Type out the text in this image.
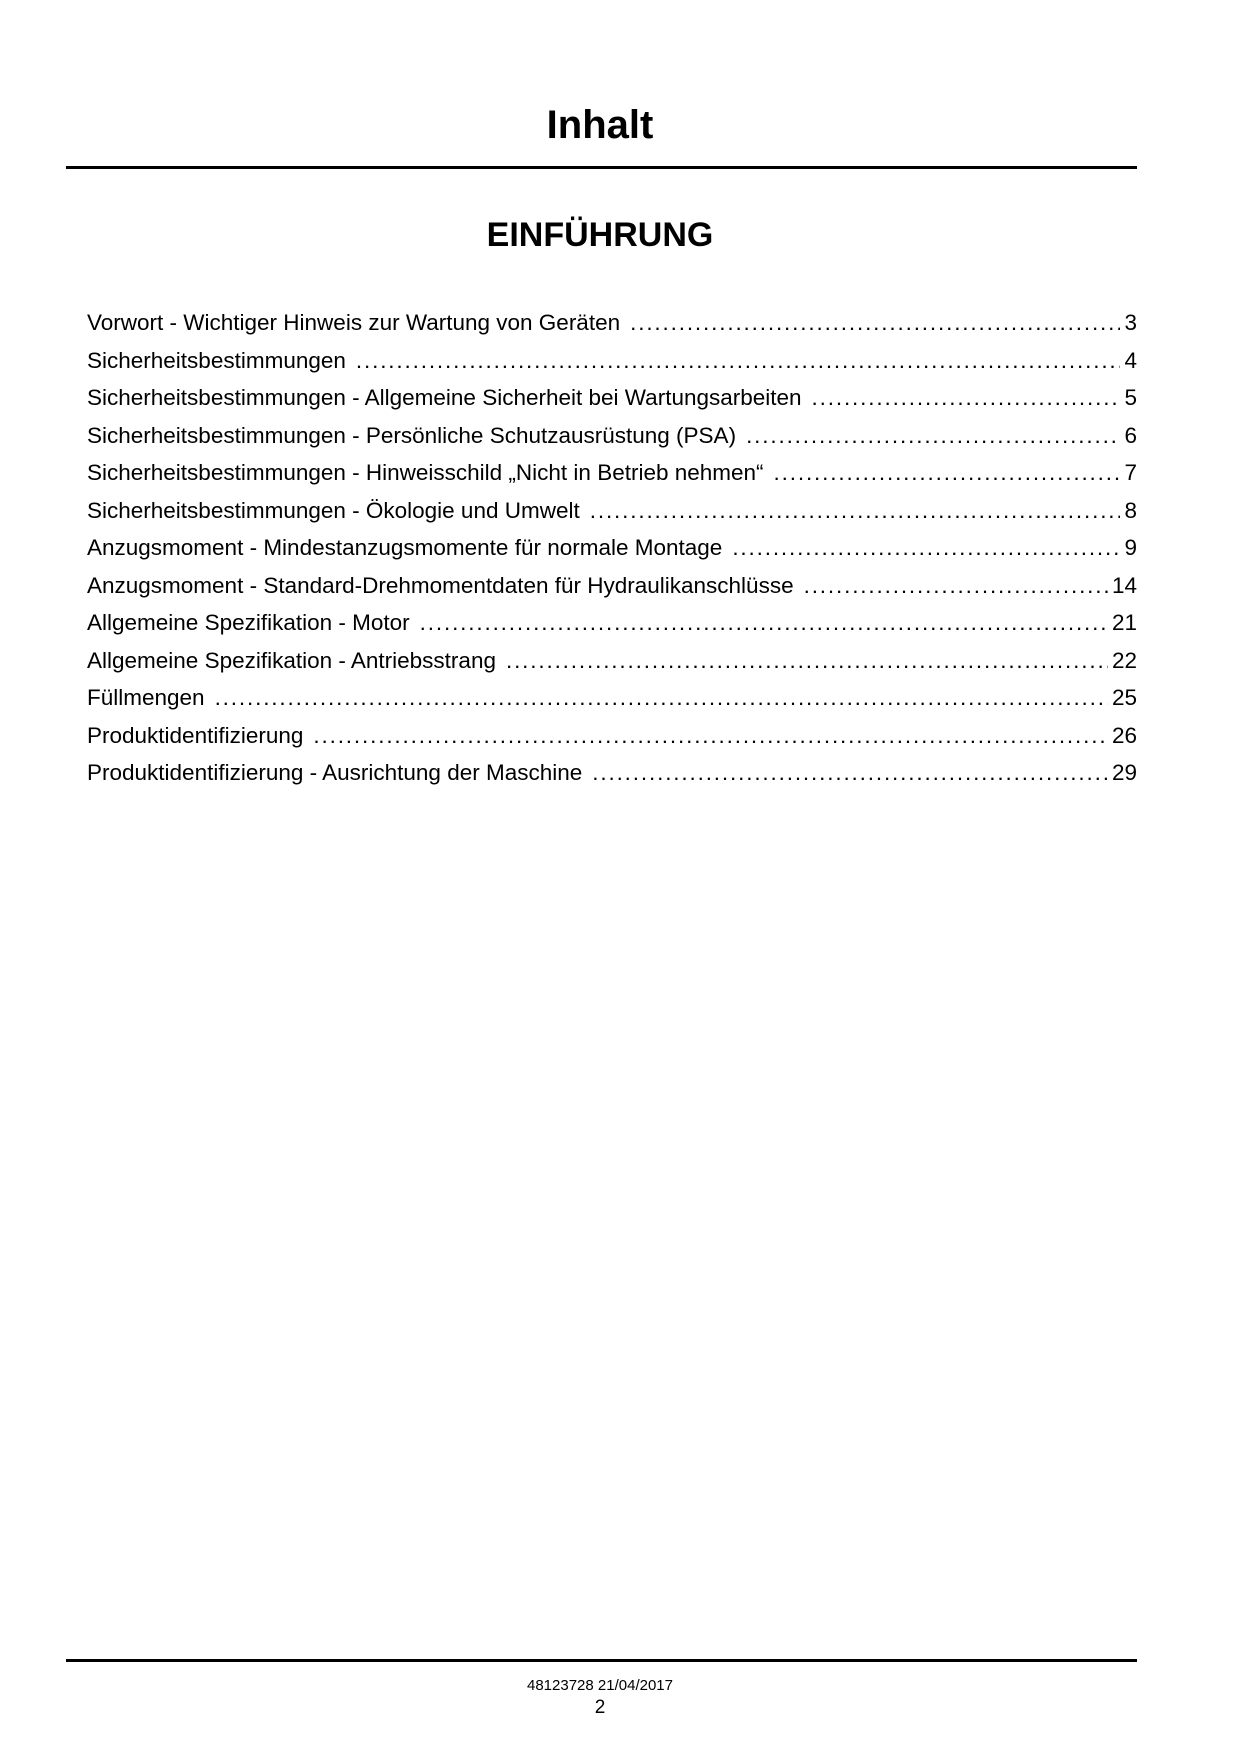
Inhalt
EINFÜHRUNG
Vorwort - Wichtiger Hinweis zur Wartung von Geräten . . .	3
Sicherheitsbestimmungen . . .	4
Sicherheitsbestimmungen - Allgemeine Sicherheit bei Wartungsarbeiten . . .	5
Sicherheitsbestimmungen - Persönliche Schutzausrüstung (PSA) . . .	6
Sicherheitsbestimmungen - Hinweisschild „Nicht in Betrieb nehmen“ . . .	7
Sicherheitsbestimmungen - Ökologie und Umwelt . . .	8
Anzugsmoment - Mindestanzugsmomente für normale Montage . . .	9
Anzugsmoment - Standard-Drehmomentdaten für Hydraulikanschlüsse . . .	14
Allgemeine Spezifikation - Motor . . .	21
Allgemeine Spezifikation - Antriebsstrang . . .	22
Füllmengen . . .	25
Produktidentifizierung . . .	26
Produktidentifizierung - Ausrichtung der Maschine . . .	29
48123728 21/04/2017
2
